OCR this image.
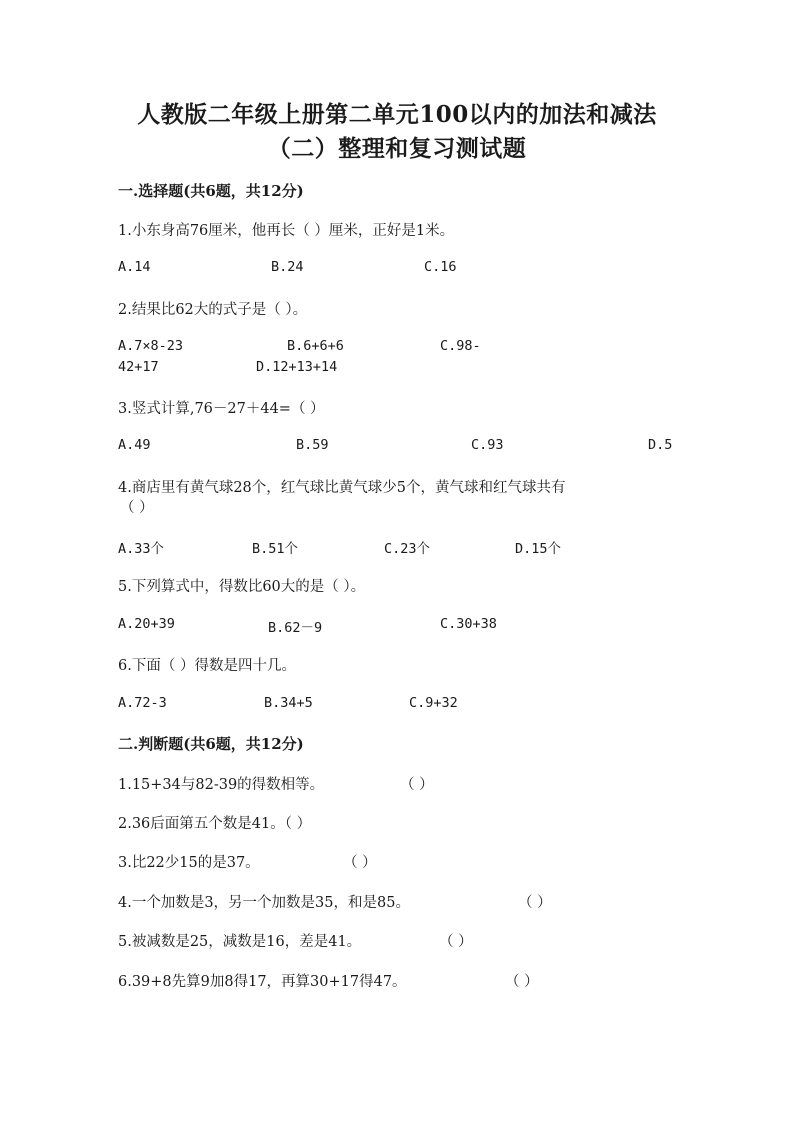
人教版二年级上册第二单元100以内的加法和减法
（二）整理和复习测试题
一.选择题(共6题，共12分)
1.小东身高76厘米，他再长（ ）厘米，正好是1米。
A.14	B.24	C.16
2.结果比62大的式子是（ ）。
A.7×8-23	B.6+6+6	C.98-
42+17	D.12+13+14
3.竖式计算,76－27＋44=（ ）
A.49	B.59	C.93	D.5
4.商店里有黄气球28个，红气球比黄气球少5个，黄气球和红气球共有
（ ）
A.33个	B.51个	C.23个	D.15个
5.下列算式中，得数比60大的是（ ）。
A.20+39	B.62－9	C.30+38
6.下面（ ）得数是四十几。
A.72-3	B.34+5	C.9+32
二.判断题(共6题，共12分)
1.15+34与82-39的得数相等。	（ ）
2.36后面第五个数是41。（ ）
3.比22少15的是37。	（ ）
4.一个加数是3，另一个加数是35，和是85。	（ ）
5.被减数是25，减数是16，差是41。	（ ）
6.39+8先算9加8得17，再算30+17得47。	（ ）
